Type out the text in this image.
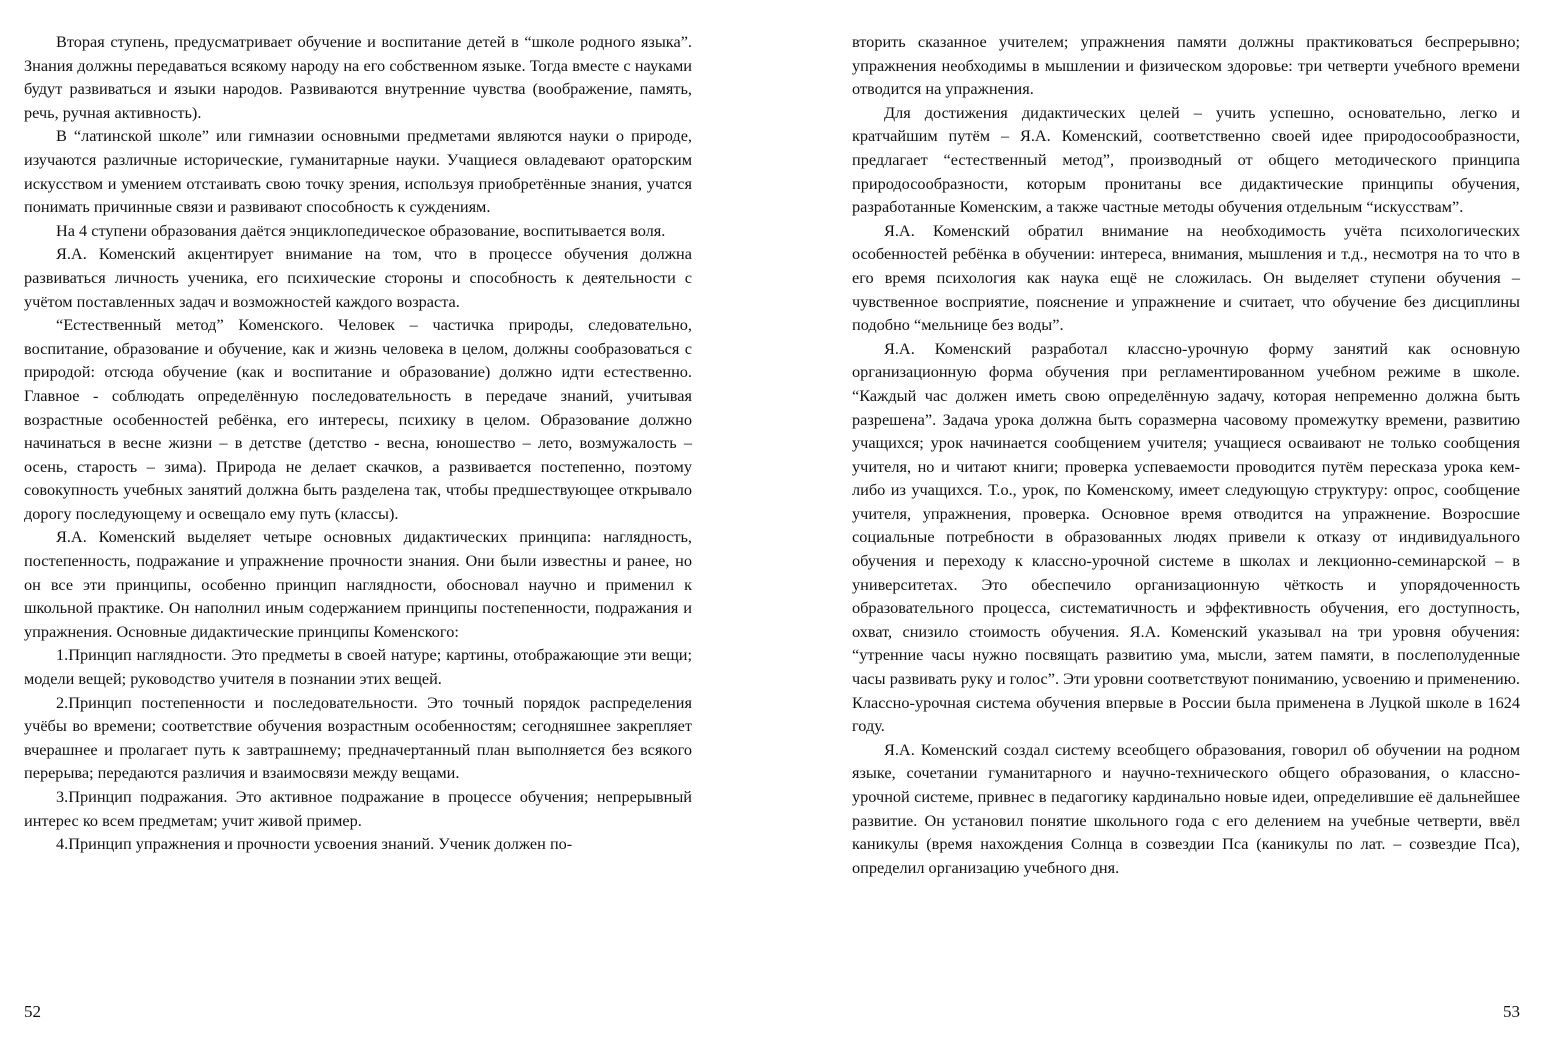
Вторая ступень, предусматривает обучение и воспитание детей в “школе родного языка”. Знания должны передаваться всякому народу на его собственном языке. Тогда вместе с науками будут развиваться и языки народов. Развиваются внутренние чувства (воображение, память, речь, ручная активность).

В “латинской школе” или гимназии основными предметами являются науки о природе, изучаются различные исторические, гуманитарные науки. Учащиеся овладевают ораторским искусством и умением отстаивать свою точку зрения, используя приобретённые знания, учатся понимать причинные связи и развивают способность к суждениям.

На 4 ступени образования даётся энциклопедическое образование, воспитывается воля.

Я.А. Коменский акцентирует внимание на том, что в процессе обучения должна развиваться личность ученика, его психические стороны и способность к деятельности с учётом поставленных задач и возможностей каждого возраста.

“Естественный метод” Коменского. Человек – частичка природы, следовательно, воспитание, образование и обучение, как и жизнь человека в целом, должны сообразоваться с природой: отсюда обучение (как и воспитание и образование) должно идти естественно. Главное - соблюдать определённую последовательность в передаче знаний, учитывая возрастные особенностей ребёнка, его интересы, психику в целом. Образование должно начинаться в весне жизни – в детстве (детство - весна, юношество – лето, возмужалость – осень, старость – зима). Природа не делает скачков, а развивается постепенно, поэтому совокупность учебных занятий должна быть разделена так, чтобы предшествующее открывало дорогу последующему и освещало ему путь (классы).

Я.А. Коменский выделяет четыре основных дидактических принципа: наглядность, постепенность, подражание и упражнение прочности знания. Они были известны и ранее, но он все эти принципы, особенно принцип наглядности, обосновал научно и применил к школьной практике. Он наполнил иным содержанием принципы постепенности, подражания и упражнения. Основные дидактические принципы Коменского:

1.Принцип наглядности. Это предметы в своей натуре; картины, отображающие эти вещи; модели вещей; руководство учителя в познании этих вещей.

2.Принцип постепенности и последовательности. Это точный порядок распределения учёбы во времени; соответствие обучения возрастным особенностям; сегодняшнее закрепляет вчерашнее и пролагает путь к завтрашнему; предначертанный план выполняется без всякого перерыва; передаются различия и взаимосвязи между вещами.

3.Принцип подражания. Это активное подражание в процессе обучения; непрерывный интерес ко всем предметам; учит живой пример.

4.Принцип упражнения и прочности усвоения знаний. Ученик должен по-

52

вторить сказанное учителем; упражнения памяти должны практиковаться беспрерывно; упражнения необходимы в мышлении и физическом здоровье: три четверти учебного времени отводится на упражнения.

Для достижения дидактических целей – учить успешно, основательно, легко и кратчайшим путём – Я.А. Коменский, соответственно своей идее природосообразности, предлагает “естественный метод”, производный от общего методического принципа природосообразности, которым пронитаны все дидактические принципы обучения, разработанные Коменским, а также частные методы обучения отдельным “искусствам”.

Я.А. Коменский обратил внимание на необходимость учёта психологических особенностей ребёнка в обучении: интереса, внимания, мышления и т.д., несмотря на то что в его время психология как наука ещё не сложилась. Он выделяет ступени обучения – чувственное восприятие, пояснение и упражнение и считает, что обучение без дисциплины подобно “мельнице без воды”.

Я.А. Коменский разработал классно-урочную форму занятий как основную организационную форма обучения при регламентированном учебном режиме в школе. “Каждый час должен иметь свою определённую задачу, которая непременно должна быть разрешена”. Задача урока должна быть соразмерна часовому промежутку времени, развитию учащихся; урок начинается сообщением учителя; учащиеся осваивают не только сообщения учителя, но и читают книги; проверка успеваемости проводится путём пересказа урока кем-либо из учащихся. Т.о., урок, по Коменскому, имеет следующую структуру: опрос, сообщение учителя, упражнения, проверка. Основное время отводится на упражнение. Возросшие социальные потребности в образованных людях привели к отказу от индивидуального обучения и переходу к классно-урочной системе в школах и лекционно-семинарской – в университетах. Это обеспечило организационную чёткость и упорядоченность образовательного процесса, систематичность и эффективность обучения, его доступность, охват, снизило стоимость обучения. Я.А. Коменский указывал на три уровня обучения: “утренние часы нужно посвящать развитию ума, мысли, затем памяти, в послеполуденные часы развивать руку и голос”. Эти уровни соответствуют пониманию, усвоению и применению. Классно-урочная система обучения впервые в России была применена в Луцкой школе в 1624 году.

Я.А. Коменский создал систему всеобщего образования, говорил об обучении на родном языке, сочетании гуманитарного и научно-технического общего образования, о классно-урочной системе, привнес в педагогику кардинально новые идеи, определившие её дальнейшее развитие. Он установил понятие школьного года с его делением на учебные четверти, ввёл каникулы (время нахождения Солнца в созвездии Пса (каникулы по лат. – созвездие Пса), определил организацию учебного дня.

53
